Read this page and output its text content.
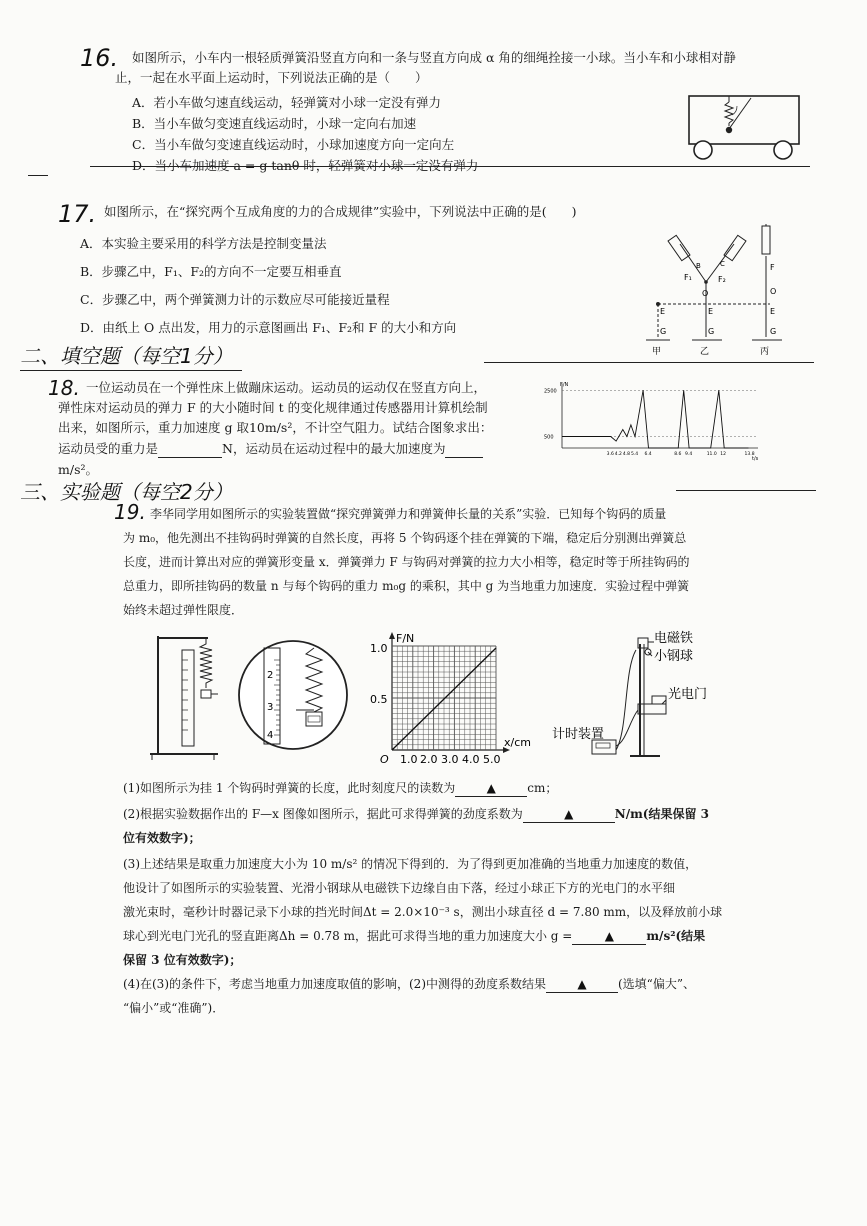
16. 如图所示，小车内一根轻质弹簧沿竖直方向和一条与竖直方向成 α 角的细绳拴接一小球。当小车和小球相对静
止，一起在水平面上运动时，下列说法正确的是（　　）
A．若小车做匀速直线运动，轻弹簧对小球一定没有弹力
B．当小车做匀变速直线运动时，小球一定向右加速
C．当小车做匀变速直线运动时，小球加速度方向一定向左
D．当小车加速度 a = g tanθ 时，轻弹簧对小球一定没有弹力
17. 如图所示，在“探究两个互成角度的力的合成规律”实验中，下列说法中正确的是(　　)
A．本实验主要采用的科学方法是控制变量法
B．步骤乙中，F₁、F₂的方向不一定要互相垂直
C．步骤乙中，两个弹簧测力计的示数应尽可能接近量程
D．由纸上 O 点出发，用力的示意图画出 F₁、F₂和 F 的大小和方向
E
G
甲
F₁	F₂
B	C
O
E
G
乙
F
O
E
G
丙
二、填空题（每空1分）
18. 一位运动员在一个弹性床上做蹦床运动。运动员的运动仅在竖直方向上，
弹性床对运动员的弹力 F 的大小随时间 t 的变化规律通过传感器用计算机绘制
出来，如图所示，重力加速度 g 取10m/s²，不计空气阻力。试结合图象求出：
运动员受的重力是	N，运动员在运动过程中的最大加速度为
m/s²。
F/N
t/s
2500
500
3.6 4.2 4.8 5.4 6.4	8.6 9.4	11.0 12	13.8
三、实验题（每空2分）
19. 李华同学用如图所示的实验装置做“探究弹簧弹力和弹簧伸长量的关系”实验．已知每个钩码的质量
为 m₀，他先测出不挂钩码时弹簧的自然长度，再将 5 个钩码逐个挂在弹簧的下端，稳定后分别测出弹簧总
长度，进而计算出对应的弹簧形变量 x．弹簧弹力 F 与钩码对弹簧的拉力大小相等，稳定时等于所挂钩码的
总重力，即所挂钩码的数量 n 与每个钩码的重力 m₀g 的乘积，其中 g 为当地重力加速度．实验过程中弹簧
始终未超过弹性限度．
2
3
4
F/N
x/cm
1.0
0.5
O 1.0 2.0 3.0 4.0 5.0
电磁铁
小钢球
光电门
计时装置
(1)如图所示为挂 1 个钩码时弹簧的长度，此时刻度尺的读数为	▲	cm；
(2)根据实验数据作出的 F—x 图像如图所示，据此可求得弹簧的劲度系数为	▲	N/m(结果保留 3
位有效数字)；
(3)上述结果是取重力加速度大小为 10 m/s² 的情况下得到的．为了得到更加准确的当地重力加速度的数值，
他设计了如图所示的实验装置、光滑小钢球从电磁铁下边缘自由下落，经过小球正下方的光电门的水平细
激光束时，毫秒计时器记录下小球的挡光时间Δt = 2.0×10⁻³ s，测出小球直径 d = 7.80 mm，以及释放前小球
球心到光电门光孔的竖直距离Δh = 0.78 m，据此可求得当地的重力加速度大小 g =	▲	m/s²(结果
保留 3 位有效数字)；
(4)在(3)的条件下，考虑当地重力加速度取值的影响，(2)中测得的劲度系数结果	▲	(选填“偏大”、
“偏小”或“准确”)．
